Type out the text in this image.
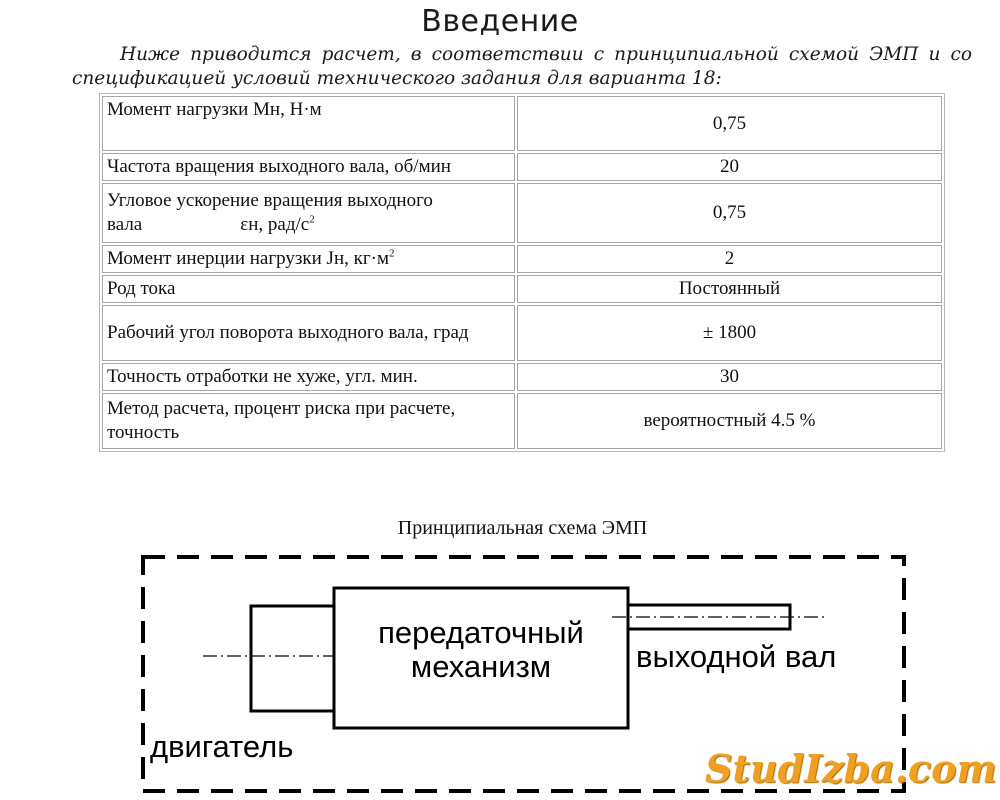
Введение
Ниже приводится расчет, в соответствии с принципиальной схемой ЭМП и со спецификацией условий технического задания для варианта 18:
Момент нагрузки Мн, Н·м	0,75
Частота вращения выходного вала, об/мин	20

Угловое ускорение вращения выходного
вала εн, рад/$с^2$	0,75
Момент инерции нагрузки Jн, $кг\cdot м^2$	2
Род тока	Постоянный
Рабочий угол поворота выходного вала, град	± 1800
Точность отработки не хуже, угл. мин.	30
Метод расчета, процент риска при расчете, точность	вероятностный 4.5 %
Принципиальная схема ЭМП
передаточный
механизм	выходной вал
двигатель	StudIzba.com
